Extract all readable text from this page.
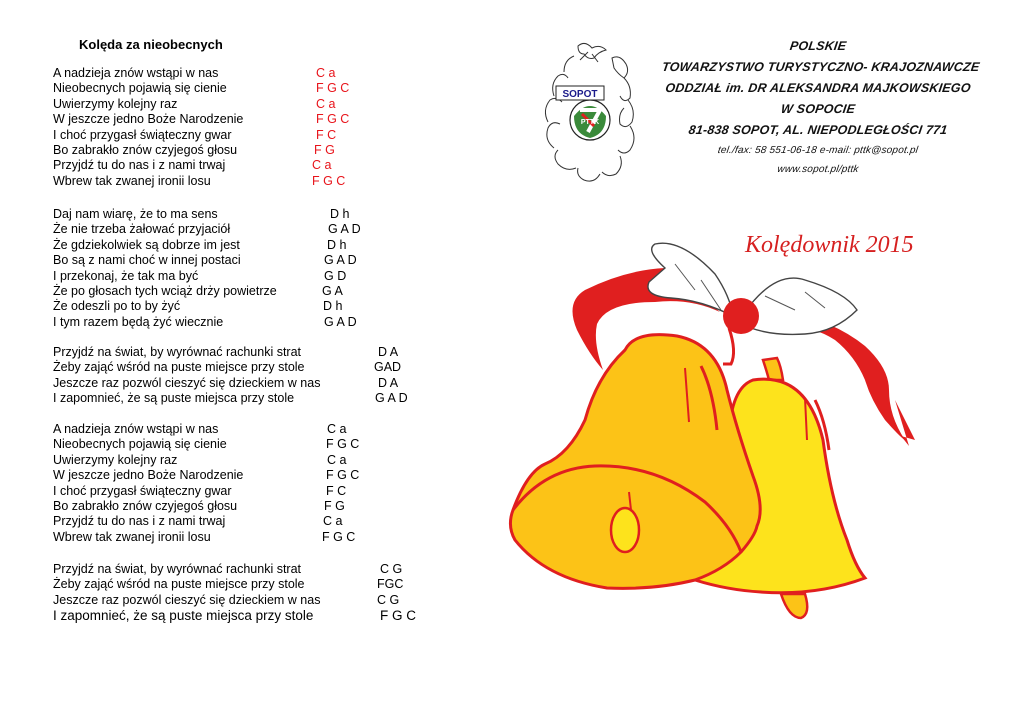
Kolęda za nieobecnych
A nadzieja znów wstąpi w nas	C a
Nieobecnych pojawią się cienie	F G C
Uwierzymy kolejny raz	C a
W jeszcze jedno Boże Narodzenie	F G C
I choć przygasł świąteczny gwar	F C
Bo zabrakło znów czyjegoś głosu	F G
Przyjdź tu do nas i z nami trwaj	C a
Wbrew tak zwanej ironii losu	F G C
Daj nam wiarę, że to ma sens	D h
Że nie trzeba żałować przyjaciół	G A D
Że gdziekolwiek są dobrze im jest	D h
Bo są z nami choć w innej postaci	G A D
I przekonaj, że tak ma być	G D
Że po głosach tych wciąż drży powietrze	G A
Że odeszli po to by żyć	D h
I tym razem będą żyć wiecznie	G A D
Przyjdź na świat, by wyrównać rachunki strat	D A
Żeby zająć wśród na puste miejsce przy stole	GAD
Jeszcze raz pozwól cieszyć się dzieckiem w nas	D A
I zapomnieć, że są puste miejsca przy stole	G A D
A nadzieja znów wstąpi w nas	C a
Nieobecnych pojawią się cienie	F G C
Uwierzymy kolejny raz	C a
W jeszcze jedno Boże Narodzenie	F G C
I choć przygasł świąteczny gwar	F C
Bo zabrakło znów czyjegoś głosu	F G
Przyjdź tu do nas i z nami trwaj	C a
Wbrew tak zwanej ironii losu	F G C
Przyjdź na świat, by wyrównać rachunki strat	C G
Żeby zająć wśród na puste miejsce przy stole	FGC
Jeszcze raz pozwól cieszyć się dzieckiem w nas	C G
I zapomnieć, że są puste miejsca przy stole	F G C
PTTK
SOPOT
POLSKIE
TOWARZYSTWO TURYSTYCZNO- KRAJOZNAWCZE
ODDZIAŁ im. DR ALEKSANDRA MAJKOWSKIEGO
W SOPOCIE
81-838 SOPOT, AL. NIEPODLEGŁOŚCI 771
tel./fax: 58 551-06-18 e-mail: pttk@sopot.pl
www.sopot.pl/pttk
Kolędownik 2015
